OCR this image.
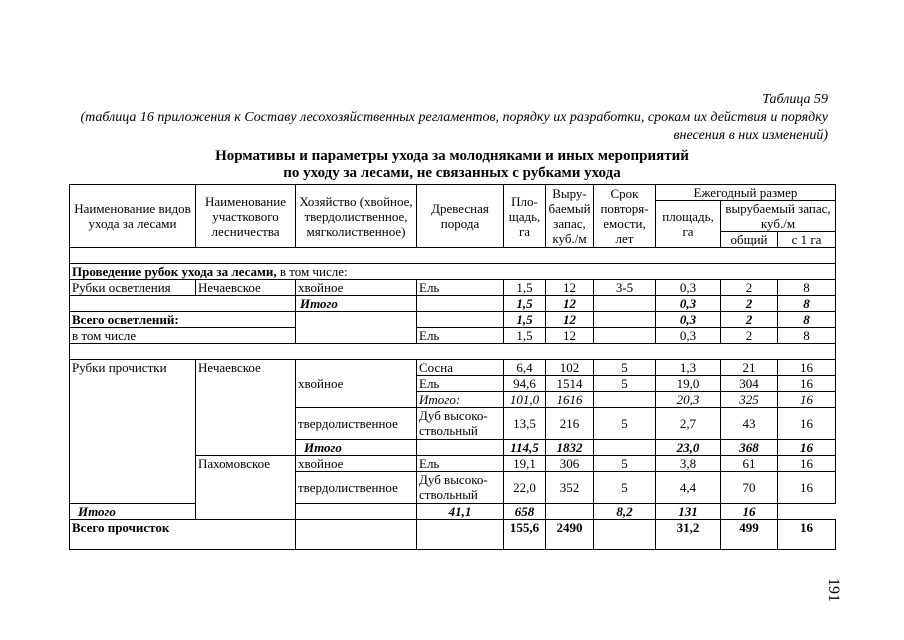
Таблица 59
(таблица 16 приложения к Составу лесохозяйственных регламентов, порядку их разработки, срокам их действия и порядку внесения в них изменений)
Нормативы и параметры ухода за молодняками и иных мероприятий
по уходу за лесами, не связанных с рубками ухода
Наименование видов ухода за лесами	Наименование участкового лесничества	Хозяйство (хвойное, твердолиственное, мягколиственное)	Древесная порода	Пло-щадь, га	Выру-баемый запас, куб./м	Срок повторя-емости, лет	Ежегодный размер		
							площадь, га	вырубаемый запас, куб./м	
								общий	с 1 га

Проведение рубок ухода за лесами, в том числе:									
Рубки осветления	Нечаевское	хвойное	Ель	1,5	12	3-5	0,3	2	8
		Итого		1,5	12		0,3	2	8
Всего осветлений:				1,5	12		0,3	2	8
в том числе			Ель	1,5	12		0,3	2	8

Рубки прочистки	Нечаевское	хвойное	Сосна	6,4	102	5	1,3	21	16
			Ель	94,6	1514	5	19,0	304	16
			Итого:	101,0	1616		20,3	325	16
		твердолиственное	Дуб высоко-ствольный	13,5	216	5	2,7	43	16
		Итого		114,5	1832		23,0	368	16
	Пахомовское	хвойное	Ель	19,1	306	5	3,8	61	16
		твердолиственное	Дуб высоко-ствольный	22,0	352	5	4,4	70	16
Итого			41,1	658		8,2	131	16	
Всего прочисток				155,6	2490		31,2	499	16
191
